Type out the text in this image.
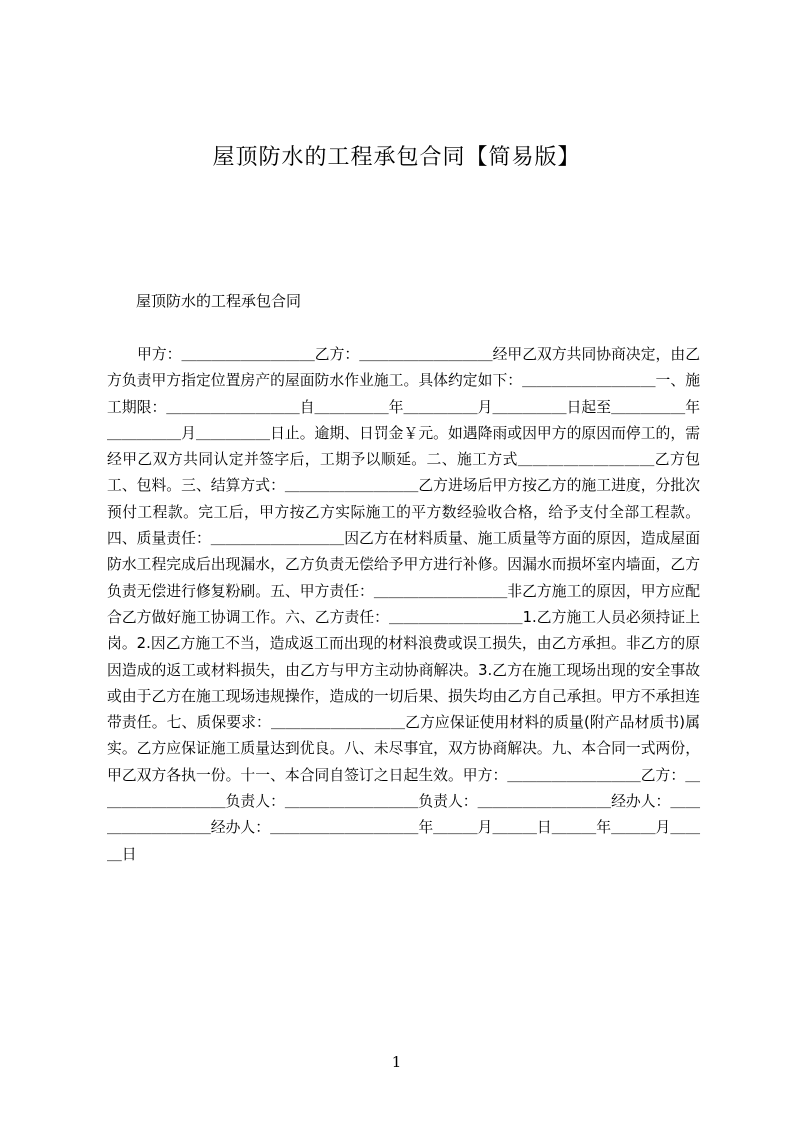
屋顶防水的工程承包合同【简易版】
屋顶防水的工程承包合同

甲方：＿＿＿＿＿＿＿＿＿乙方：＿＿＿＿＿＿＿＿＿经甲乙双方共同协商决定，由乙方负责甲方指定位置房产的屋面防水作业施工。具体约定如下：＿＿＿＿＿＿＿＿＿一、施工期限：＿＿＿＿＿＿＿＿＿自＿＿＿＿＿年＿＿＿＿＿月＿＿＿＿＿日起至＿＿＿＿＿年＿＿＿＿＿月＿＿＿＿＿日止。逾期、日罚金￥元。如遇降雨或因甲方的原因而停工的，需经甲乙双方共同认定并签字后，工期予以顺延。二、施工方式＿＿＿＿＿＿＿＿＿乙方包工、包料。三、结算方式：＿＿＿＿＿＿＿＿＿乙方进场后甲方按乙方的施工进度，分批次预付工程款。完工后，甲方按乙方实际施工的平方数经验收合格，给予支付全部工程款。四、质量责任：＿＿＿＿＿＿＿＿＿因乙方在材料质量、施工质量等方面的原因，造成屋面防水工程完成后出现漏水，乙方负责无偿给予甲方进行补修。因漏水而损坏室内墙面，乙方负责无偿进行修复粉刷。五、甲方责任：＿＿＿＿＿＿＿＿＿非乙方施工的原因，甲方应配合乙方做好施工协调工作。六、乙方责任：＿＿＿＿＿＿＿＿＿1.乙方施工人员必须持证上岗。2.因乙方施工不当，造成返工而出现的材料浪费或误工损失，由乙方承担。非乙方的原因造成的返工或材料损失，由乙方与甲方主动协商解决。3.乙方在施工现场出现的安全事故或由于乙方在施工现场违规操作，造成的一切后果、损失均由乙方自己承担。甲方不承担连带责任。七、质保要求：＿＿＿＿＿＿＿＿＿乙方应保证使用材料的质量(附产品材质书)属实。乙方应保证施工质量达到优良。八、未尽事宜，双方协商解决。九、本合同一式两份，甲乙双方各执一份。十一、本合同自签订之日起生效。甲方：＿＿＿＿＿＿＿＿＿乙方：＿＿＿＿＿＿＿＿＿负责人：＿＿＿＿＿＿＿＿＿负责人：＿＿＿＿＿＿＿＿＿经办人：＿＿＿＿＿＿＿＿＿经办人：＿＿＿＿＿＿＿＿＿＿年＿＿＿月＿＿＿日＿＿＿年＿＿＿月＿＿＿日

1
